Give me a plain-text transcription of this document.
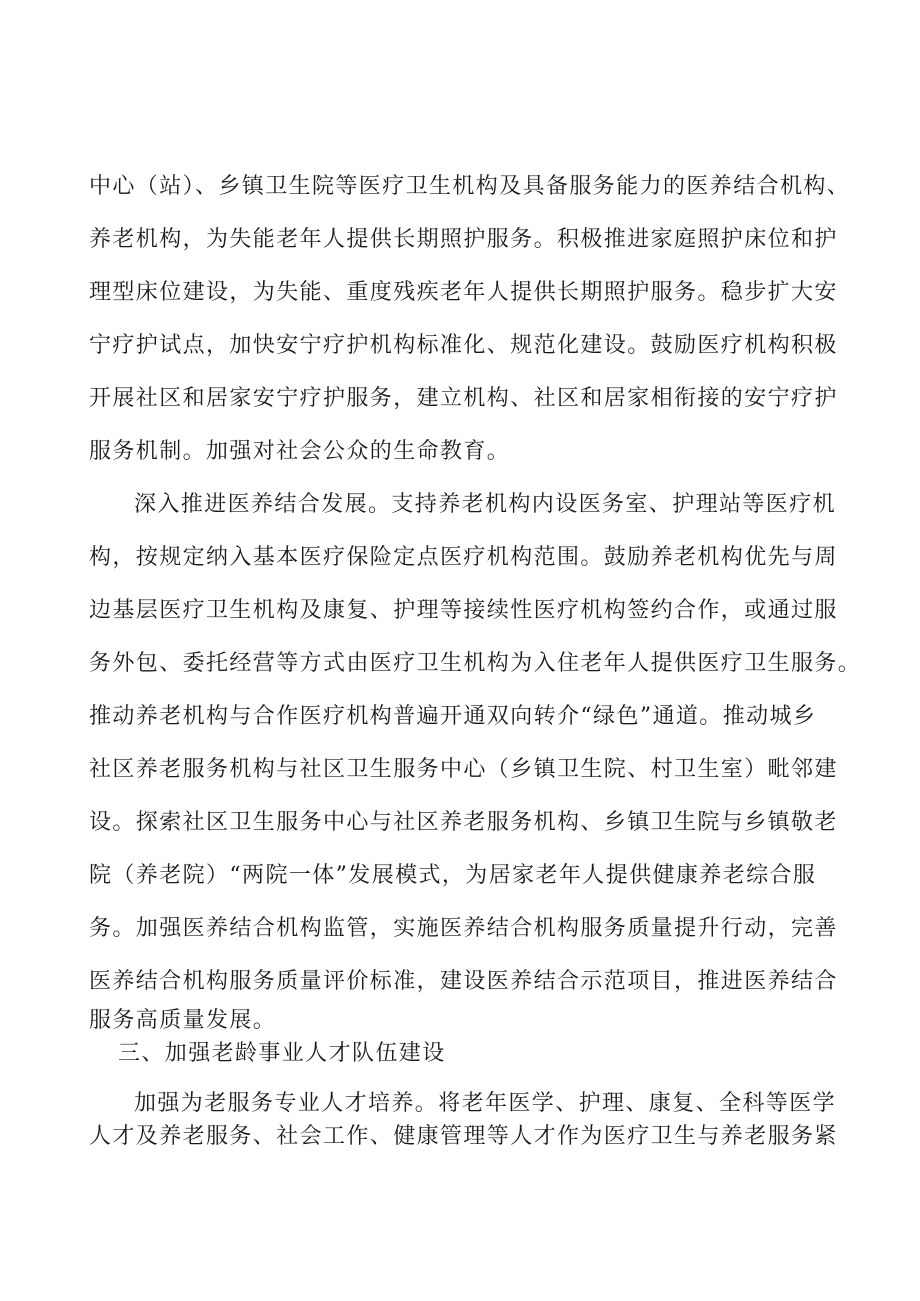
中心（站）、乡镇卫生院等医疗卫生机构及具备服务能力的医养结合机构、
养老机构，为失能老年人提供长期照护服务。积极推进家庭照护床位和护
理型床位建设，为失能、重度残疾老年人提供长期照护服务。稳步扩大安
宁疗护试点，加快安宁疗护机构标准化、规范化建设。鼓励医疗机构积极
开展社区和居家安宁疗护服务，建立机构、社区和居家相衔接的安宁疗护
服务机制。加强对社会公众的生命教育。
深入推进医养结合发展。支持养老机构内设医务室、护理站等医疗机
构，按规定纳入基本医疗保险定点医疗机构范围。鼓励养老机构优先与周
边基层医疗卫生机构及康复、护理等接续性医疗机构签约合作，或通过服
务外包、委托经营等方式由医疗卫生机构为入住老年人提供医疗卫生服务。
推动养老机构与合作医疗机构普遍开通双向转介“绿色”通道。推动城乡
社区养老服务机构与社区卫生服务中心（乡镇卫生院、村卫生室）毗邻建
设。探索社区卫生服务中心与社区养老服务机构、乡镇卫生院与乡镇敬老
院（养老院）“两院一体”发展模式，为居家老年人提供健康养老综合服
务。加强医养结合机构监管，实施医养结合机构服务质量提升行动，完善
医养结合机构服务质量评价标准，建设医养结合示范项目，推进医养结合
服务高质量发展。
三、加强老龄事业人才队伍建设
加强为老服务专业人才培养。将老年医学、护理、康复、全科等医学
人才及养老服务、社会工作、健康管理等人才作为医疗卫生与养老服务紧
